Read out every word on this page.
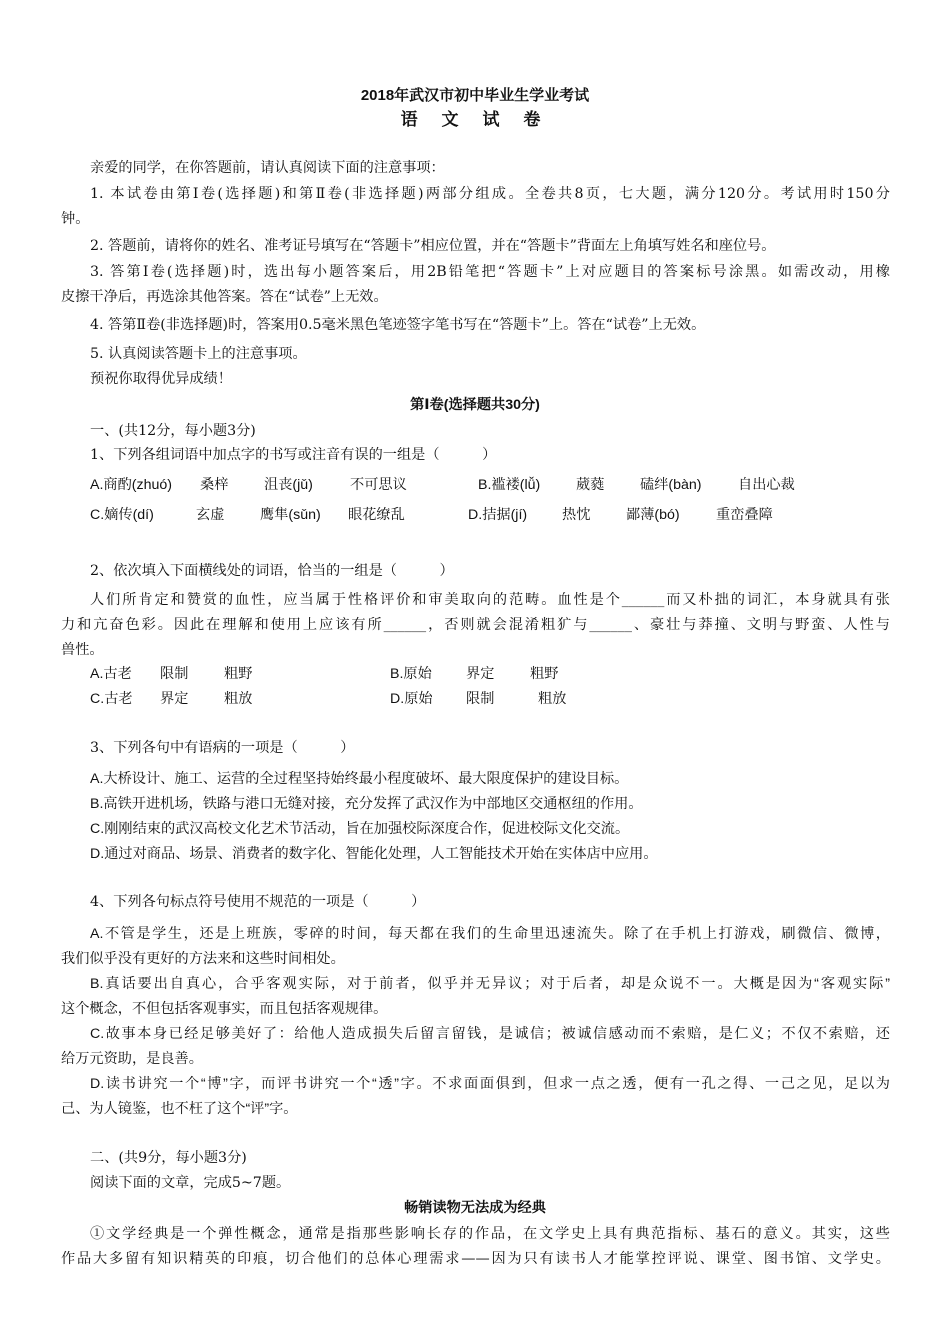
2018年武汉市初中毕业生学业考试
语 文 试 卷
亲爱的同学，在你答题前，请认真阅读下面的注意事项：
1. 本试卷由第Ⅰ卷(选择题)和第Ⅱ卷(非选择题)两部分组成。全卷共8页，七大题，满分120分。考试用时150分
钟。
2. 答题前，请将你的姓名、准考证号填写在“答题卡”相应位置，并在“答题卡”背面左上角填写姓名和座位号。
3. 答第Ⅰ卷(选择题)时，选出每小题答案后，用2B铅笔把“答题卡”上对应题目的答案标号涂黑。如需改动，用橡
皮擦干净后，再选涂其他答案。答在“试卷”上无效。
4. 答第Ⅱ卷(非选择题)时，答案用0.5毫米黑色笔迹签字笔书写在“答题卡”上。答在“试卷”上无效。
5. 认真阅读答题卡上的注意事项。
预祝你取得优异成绩！
第Ⅰ卷(选择题共30分)
一、(共12分，每小题3分)
1、下列各组词语中加点字的书写或注音有误的一组是（　　　）
A.商酌(zhuó) 桑梓	沮丧(jǔ)	不可思议	B.褴褛(lǚ)	葳蕤	磕绊(bàn)	自出心裁
C.嫡传(dí)	玄虚	鹰隼(sǔn) 眼花缭乱	D.拮据(jí) 热忱	鄙薄(bó)	重峦叠障
2、依次填入下面横线处的词语，恰当的一组是（　　　）
人们所肯定和赞赏的血性，应当属于性格评价和审美取向的范畴。血性是个______而又朴拙的词汇，本身就具有张
力和亢奋色彩。因此在理解和使用上应该有所______，否则就会混淆粗犷与______、豪壮与莽撞、文明与野蛮、人性与
兽性。
A.古老 限制	粗野	B.原始 界定	粗野
C.古老 界定	粗放	D.原始 限制	粗放
3、下列各句中有语病的一项是（　　　）
A.大桥设计、施工、运营的全过程坚持始终最小程度破坏、最大限度保护的建设目标。
B.高铁开进机场，铁路与港口无缝对接，充分发挥了武汉作为中部地区交通枢纽的作用。
C.刚刚结束的武汉高校文化艺术节活动，旨在加强校际深度合作，促进校际文化交流。
D.通过对商品、场景、消费者的数字化、智能化处理，人工智能技术开始在实体店中应用。
4、下列各句标点符号使用不规范的一项是（　　　）
A.不管是学生，还是上班族，零碎的时间，每天都在我们的生命里迅速流失。除了在手机上打游戏，刷微信、微博，
我们似乎没有更好的方法来和这些时间相处。
B.真话要出自真心，合乎客观实际，对于前者，似乎并无异议；对于后者，却是众说不一。大概是因为“客观实际”
这个概念，不但包括客观事实，而且包括客观规律。
C.故事本身已经足够美好了：给他人造成损失后留言留钱，是诚信；被诚信感动而不索赔，是仁义；不仅不索赔，还
给万元资助，是良善。
D.读书讲究一个“博”字，而评书讲究一个“透”字。不求面面俱到，但求一点之透，便有一孔之得、一己之见，足以为
己、为人镜鉴，也不枉了这个“评”字。
二、(共9分，每小题3分)
阅读下面的文章，完成5~7题。
畅销读物无法成为经典
①文学经典是一个弹性概念，通常是指那些影响长存的作品，在文学史上具有典范指标、基石的意义。其实，这些
作品大多留有知识精英的印痕，切合他们的总体心理需求——因为只有读书人才能掌控评说、课堂、图书馆、文学史。
